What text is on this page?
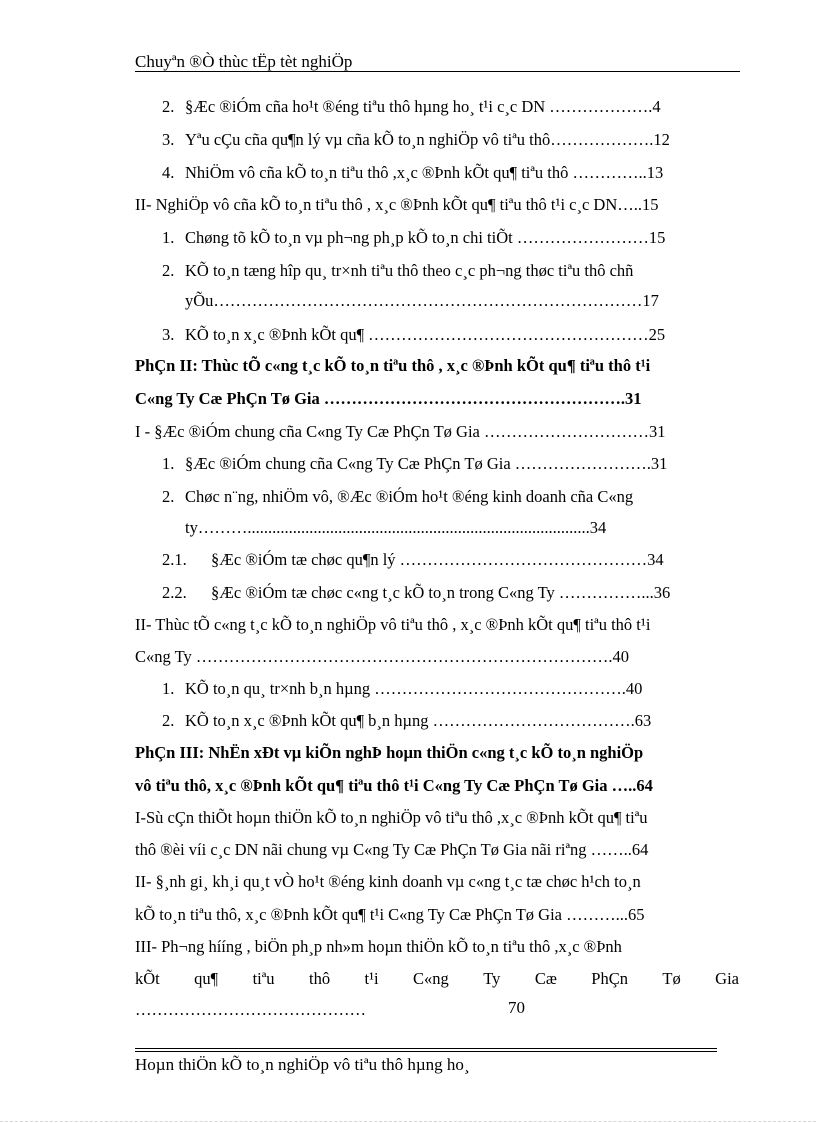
Chuyªn ®Ò thùc tËp tèt nghiÖp
2. §Æc ®iÓm cña ho¹t ®éng tiªu thô hµng ho¸ t¹i c¸c DN ……………….4
3. Yªu cÇu cña qu¶n lý vµ cña kÕ to¸n nghiÖp vô tiªu thô……………….12
4. NhiÖm vô cña kÕ to¸n tiªu thô ,x¸c ®Þnh kÕt qu¶ tiªu thô …………..13
II- NghiÖp vô cña kÕ to¸n tiªu thô , x¸c ®Þnh kÕt qu¶ tiªu thô t¹i c¸c DN…..15
1. Chøng tõ kÕ to¸n vµ ph¬ng ph¸p kÕ to¸n chi tiÕt ……………………15
2. KÕ to¸n tæng hîp qu¸ tr×nh tiªu thô theo c¸c ph¬ng thøc tiªu thô chñ
yÕu……………………………………………………………………17
3. KÕ to¸n x¸c ®Þnh kÕt qu¶ ……………………………………………25
PhÇn II: Thùc tÕ c«ng t¸c kÕ to¸n tiªu thô , x¸c ®Þnh kÕt qu¶ tiªu thô t¹i
C«ng Ty Cæ PhÇn Tø Gia ……………………………………………….31
I - §Æc ®iÓm chung cña C«ng Ty Cæ PhÇn Tø Gia …………………………31
1. §Æc ®iÓm chung cña C«ng Ty Cæ PhÇn Tø Gia …………………….31
2. Chøc n¨ng, nhiÖm vô, ®Æc ®iÓm ho¹t ®éng kinh doanh cña C«ng
ty………...................................................................................34
2.1. §Æc ®iÓm tæ chøc qu¶n lý ………………………………………34
2.2. §Æc ®iÓm tæ chøc c«ng t¸c kÕ to¸n trong C«ng Ty ……………...36
II- Thùc tÕ c«ng t¸c kÕ to¸n nghiÖp vô tiªu thô , x¸c ®Þnh kÕt qu¶ tiªu thô t¹i
C«ng Ty ………………………………………………………………….40
1. KÕ to¸n qu¸ tr×nh b¸n hµng ……………………………………….40
2. KÕ to¸n x¸c ®Þnh kÕt qu¶ b¸n hµng ……………………………….63
PhÇn III: NhËn xÐt vµ kiÕn nghÞ hoµn thiÖn c«ng t¸c kÕ to¸n nghiÖp
vô tiªu thô, x¸c ®Þnh kÕt qu¶ tiªu thô t¹i C«ng Ty Cæ PhÇn Tø Gia …..64
I-Sù cÇn thiÕt hoµn thiÖn kÕ to¸n nghiÖp vô tiªu thô ,x¸c ®Þnh kÕt qu¶ tiªu
thô ®èi víi c¸c DN nãi chung vµ C«ng Ty Cæ PhÇn Tø Gia nãi riªng ……..64
II- §¸nh gi¸ kh¸i qu¸t vÒ ho¹t ®éng kinh doanh vµ c«ng t¸c tæ chøc h¹ch to¸n
kÕ to¸n tiªu thô, x¸c ®Þnh kÕt qu¶ t¹i C«ng Ty Cæ PhÇn Tø Gia ………...65
III- Ph¬ng hííng , biÖn ph¸p nh»m hoµn thiÖn kÕ to¸n tiªu thô ,x¸c ®Þnh
kÕt qu¶ tiªu thô t¹i C«ng Ty Cæ PhÇn Tø Gia
……………………………………	70
Hoµn thiÖn kÕ to¸n nghiÖp vô tiªu thô hµng ho¸
